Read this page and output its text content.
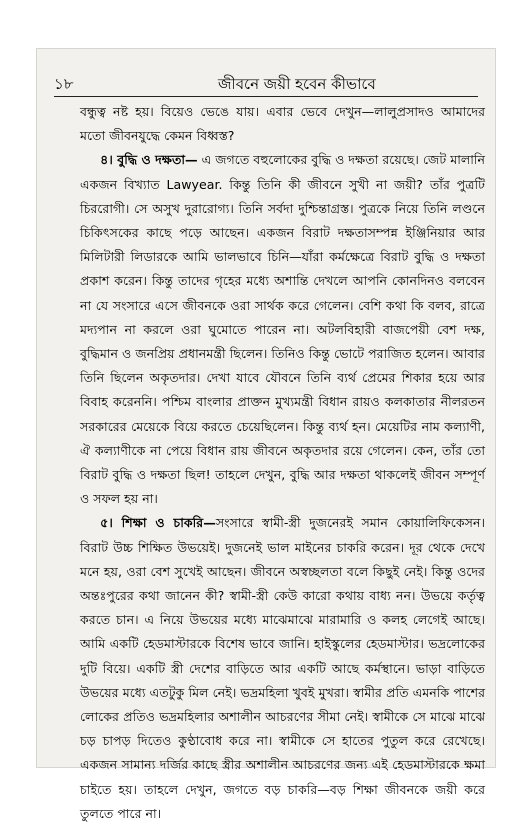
১৮	জীবনে জয়ী হবেন কীভাবে

বন্ধুত্ব নষ্ট হয়। বিয়েও ভেঙে যায়। এবার ভেবে দেখুন—লালুপ্রসাদও আমাদের মতো জীবনযুদ্ধে কেমন বিধ্বস্ত?

৪। বুদ্ধি ও দক্ষতা— এ জগতে বহুলোকের বুদ্ধি ও দক্ষতা রয়েছে। জেট মালানি একজন বিখ্যাত Lawyear. কিন্তু তিনি কী জীবনে সুখী না জয়ী? তাঁর পুত্রটি চিররোগী। সে অসুখ দুরারোগ্য। তিনি সর্বদা দুশ্চিন্তাগ্রস্ত। পুত্রকে নিয়ে তিনি লণ্ডনে চিকিৎসকের কাছে পড়ে আছেন। একজন বিরাট দক্ষতাসম্পন্ন ইঞ্জিনিয়ার আর মিলিটারী লিডারকে আমি ভালভাবে চিনি—যাঁরা কর্মক্ষেত্রে বিরাট বুদ্ধি ও দক্ষতা প্রকাশ করেন। কিন্তু তাদের গৃহের মধ্যে অশান্তি দেখলে আপনি কোনদিনও বলবেন না যে সংসারে এসে জীবনকে ওরা সার্থক করে গেলেন। বেশি কথা কি বলব, রাত্রে মদ্যপান না করলে ওরা ঘুমোতে পারেন না। অটলবিহারী বাজপেয়ী বেশ দক্ষ, বুদ্ধিমান ও জনপ্রিয় প্রধানমন্ত্রী ছিলেন। তিনিও কিন্তু ভোটে পরাজিত হলেন। আবার তিনি ছিলেন অকৃতদার। দেখা যাবে যৌবনে তিনি ব্যর্থ প্রেমের শিকার হয়ে আর বিবাহ করেননি। পশ্চিম বাংলার প্রাক্তন মুখ্যমন্ত্রী বিধান রায়ও কলকাতার নীলরতন সরকারের মেয়েকে বিয়ে করতে চেয়েছিলেন। কিন্তু ব্যর্থ হন। মেয়েটির নাম কল্যাণী, ঐ কল্যাণীকে না পেয়ে বিধান রায় জীবনে অকৃতদার রয়ে গেলেন। কেন, তাঁর তো বিরাট বুদ্ধি ও দক্ষতা ছিল! তাহলে দেখুন, বুদ্ধি আর দক্ষতা থাকলেই জীবন সম্পূর্ণ ও সফল হয় না।

৫। শিক্ষা ও চাকরি—সংসারে স্বামী-স্ত্রী দুজনেরই সমান কোয়ালিফিকেসন। বিরাট উচ্চ শিক্ষিত উভয়েই। দুজনেই ভাল মাইনের চাকরি করেন। দূর থেকে দেখে মনে হয়, ওরা বেশ সুখেই আছেন। জীবনে অস্বচ্ছলতা বলে কিছুই নেই। কিন্তু ওদের অন্তঃপুরের কথা জানেন কী? স্বামী-স্ত্রী কেউ কারো কথায় বাধ্য নন। উভয়ে কর্তৃত্ব করতে চান। এ নিয়ে উভয়ের মধ্যে মাঝেমাঝে মারামারি ও কলহ লেগেই আছে। আমি একটি হেডমাস্টারকে বিশেষ ভাবে জানি। হাইস্কুলের হেডমাস্টার। ভদ্রলোকের দুটি বিয়ে। একটি স্ত্রী দেশের বাড়িতে আর একটি আছে কর্মস্থানে। ভাড়া বাড়িতে উভয়ের মধ্যে এতটুকু মিল নেই। ভদ্রমহিলা খুবই মুখরা। স্বামীর প্রতি এমনকি পাশের লোকের প্রতিও ভদ্রমহিলার অশালীন আচরণের সীমা নেই। স্বামীকে সে মাঝে মাঝে চড় চাপড় দিতেও কুণ্ঠাবোধ করে না। স্বামীকে সে হাতের পুতুল করে রেখেছে। একজন সামান্য দর্জির কাছে স্ত্রীর অশালীন আচরণের জন্য এই হেডমাস্টারকে ক্ষমা চাইতে হয়। তাহলে দেখুন, জগতে বড় চাকরি—বড় শিক্ষা জীবনকে জয়ী করে তুলতে পারে না।
